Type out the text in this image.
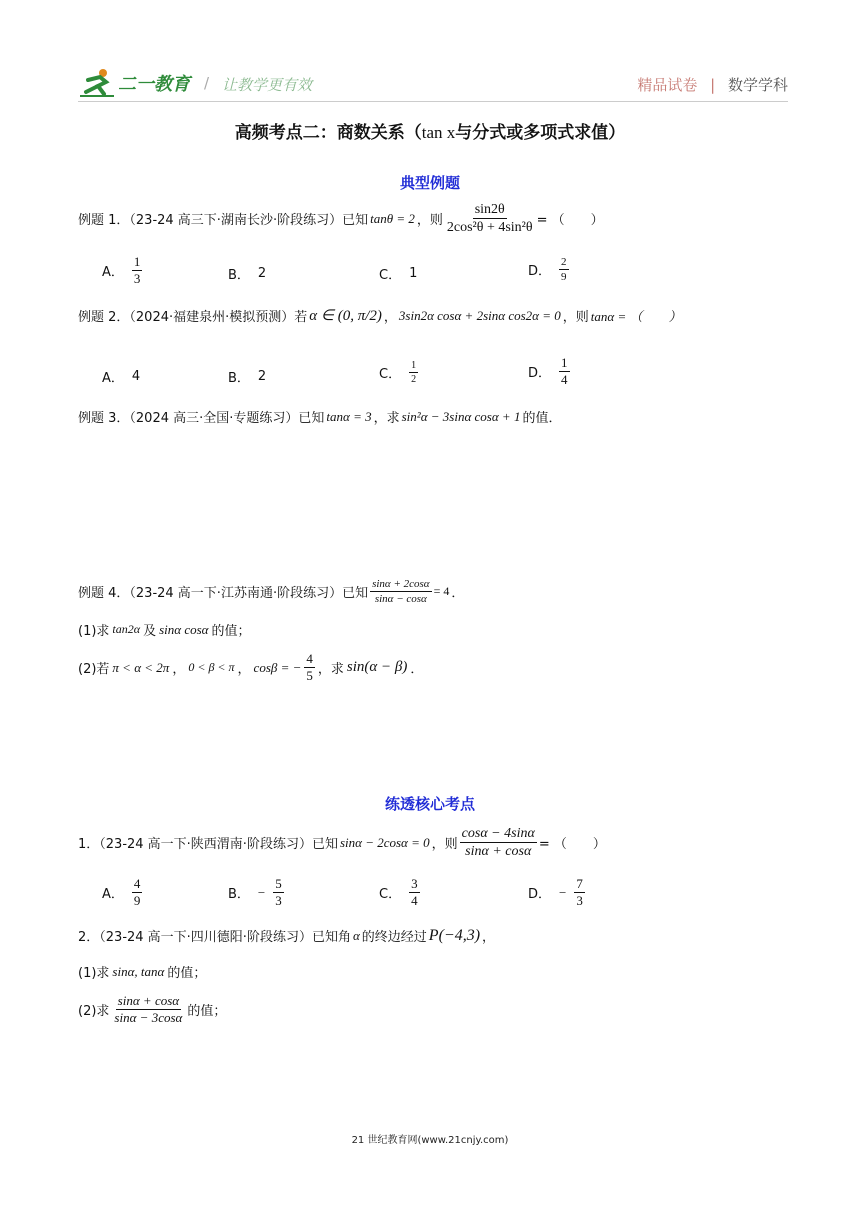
二一教育 / 让教学更有效	精品试卷 | 数学学科
高频考点二：商数关系（tan x与分式或多项式求值）
典型例题
例题 1．（23-24 高三下·湖南长沙·阶段练习）已知 tanθ = 2 ，则 $\frac{\sin 2\theta}{\text{2cos²θ + 4sin²θ}}$ = （　　）
A． $\frac{1}{3}$	B． 2	C． 1	D． $\frac{2}{9}$
例题 2．（2024·福建泉州·模拟预测）若 α ∈ (0, π/2) ， 3sin2α cosα + 2sinα cos2α = 0 ，则 tanα = （　　）
A． 4	B． 2	C． $\frac{1}{2}$	D． $\frac{1}{4}$
例题 3．（2024 高三·全国·专题练习）已知 tanα = 3 ，求 sin²α − 3sinα cosα + 1 的值．
例题 4．（23-24 高一下·江苏南通·阶段练习）已知 $\frac{\sin\alpha + 2\cos\alpha}{\sin\alpha - \cos\alpha} = 4$ ．
(1)求 tan2α 及 sinα cosα 的值；
(2)若 π < α < 2π ， 0 < β < π ， cosβ = − $\frac{4}{5}$ ，求 sin(α − β) ．
练透核心考点
1．（23-24 高一下·陕西渭南·阶段练习）已知 sinα − 2cosα = 0 ，则 $\frac{\cos\alpha - 4\sin\alpha}{\sin\alpha + \cos\alpha}$ = （　　）
A． $\frac{4}{9}$	B． − $\frac{5}{3}$	C． $\frac{3}{4}$	D． − $\frac{7}{3}$
2．（23-24 高一下·四川德阳·阶段练习）已知角 α 的终边经过 P(−4,3) ，
(1)求 sinα, tanα 的值；
(2)求 $\frac{\sin\alpha + \cos\alpha}{\sin\alpha - 3\cos\alpha}$ 的值；
21 世纪教育网(www.21cnjy.com)
